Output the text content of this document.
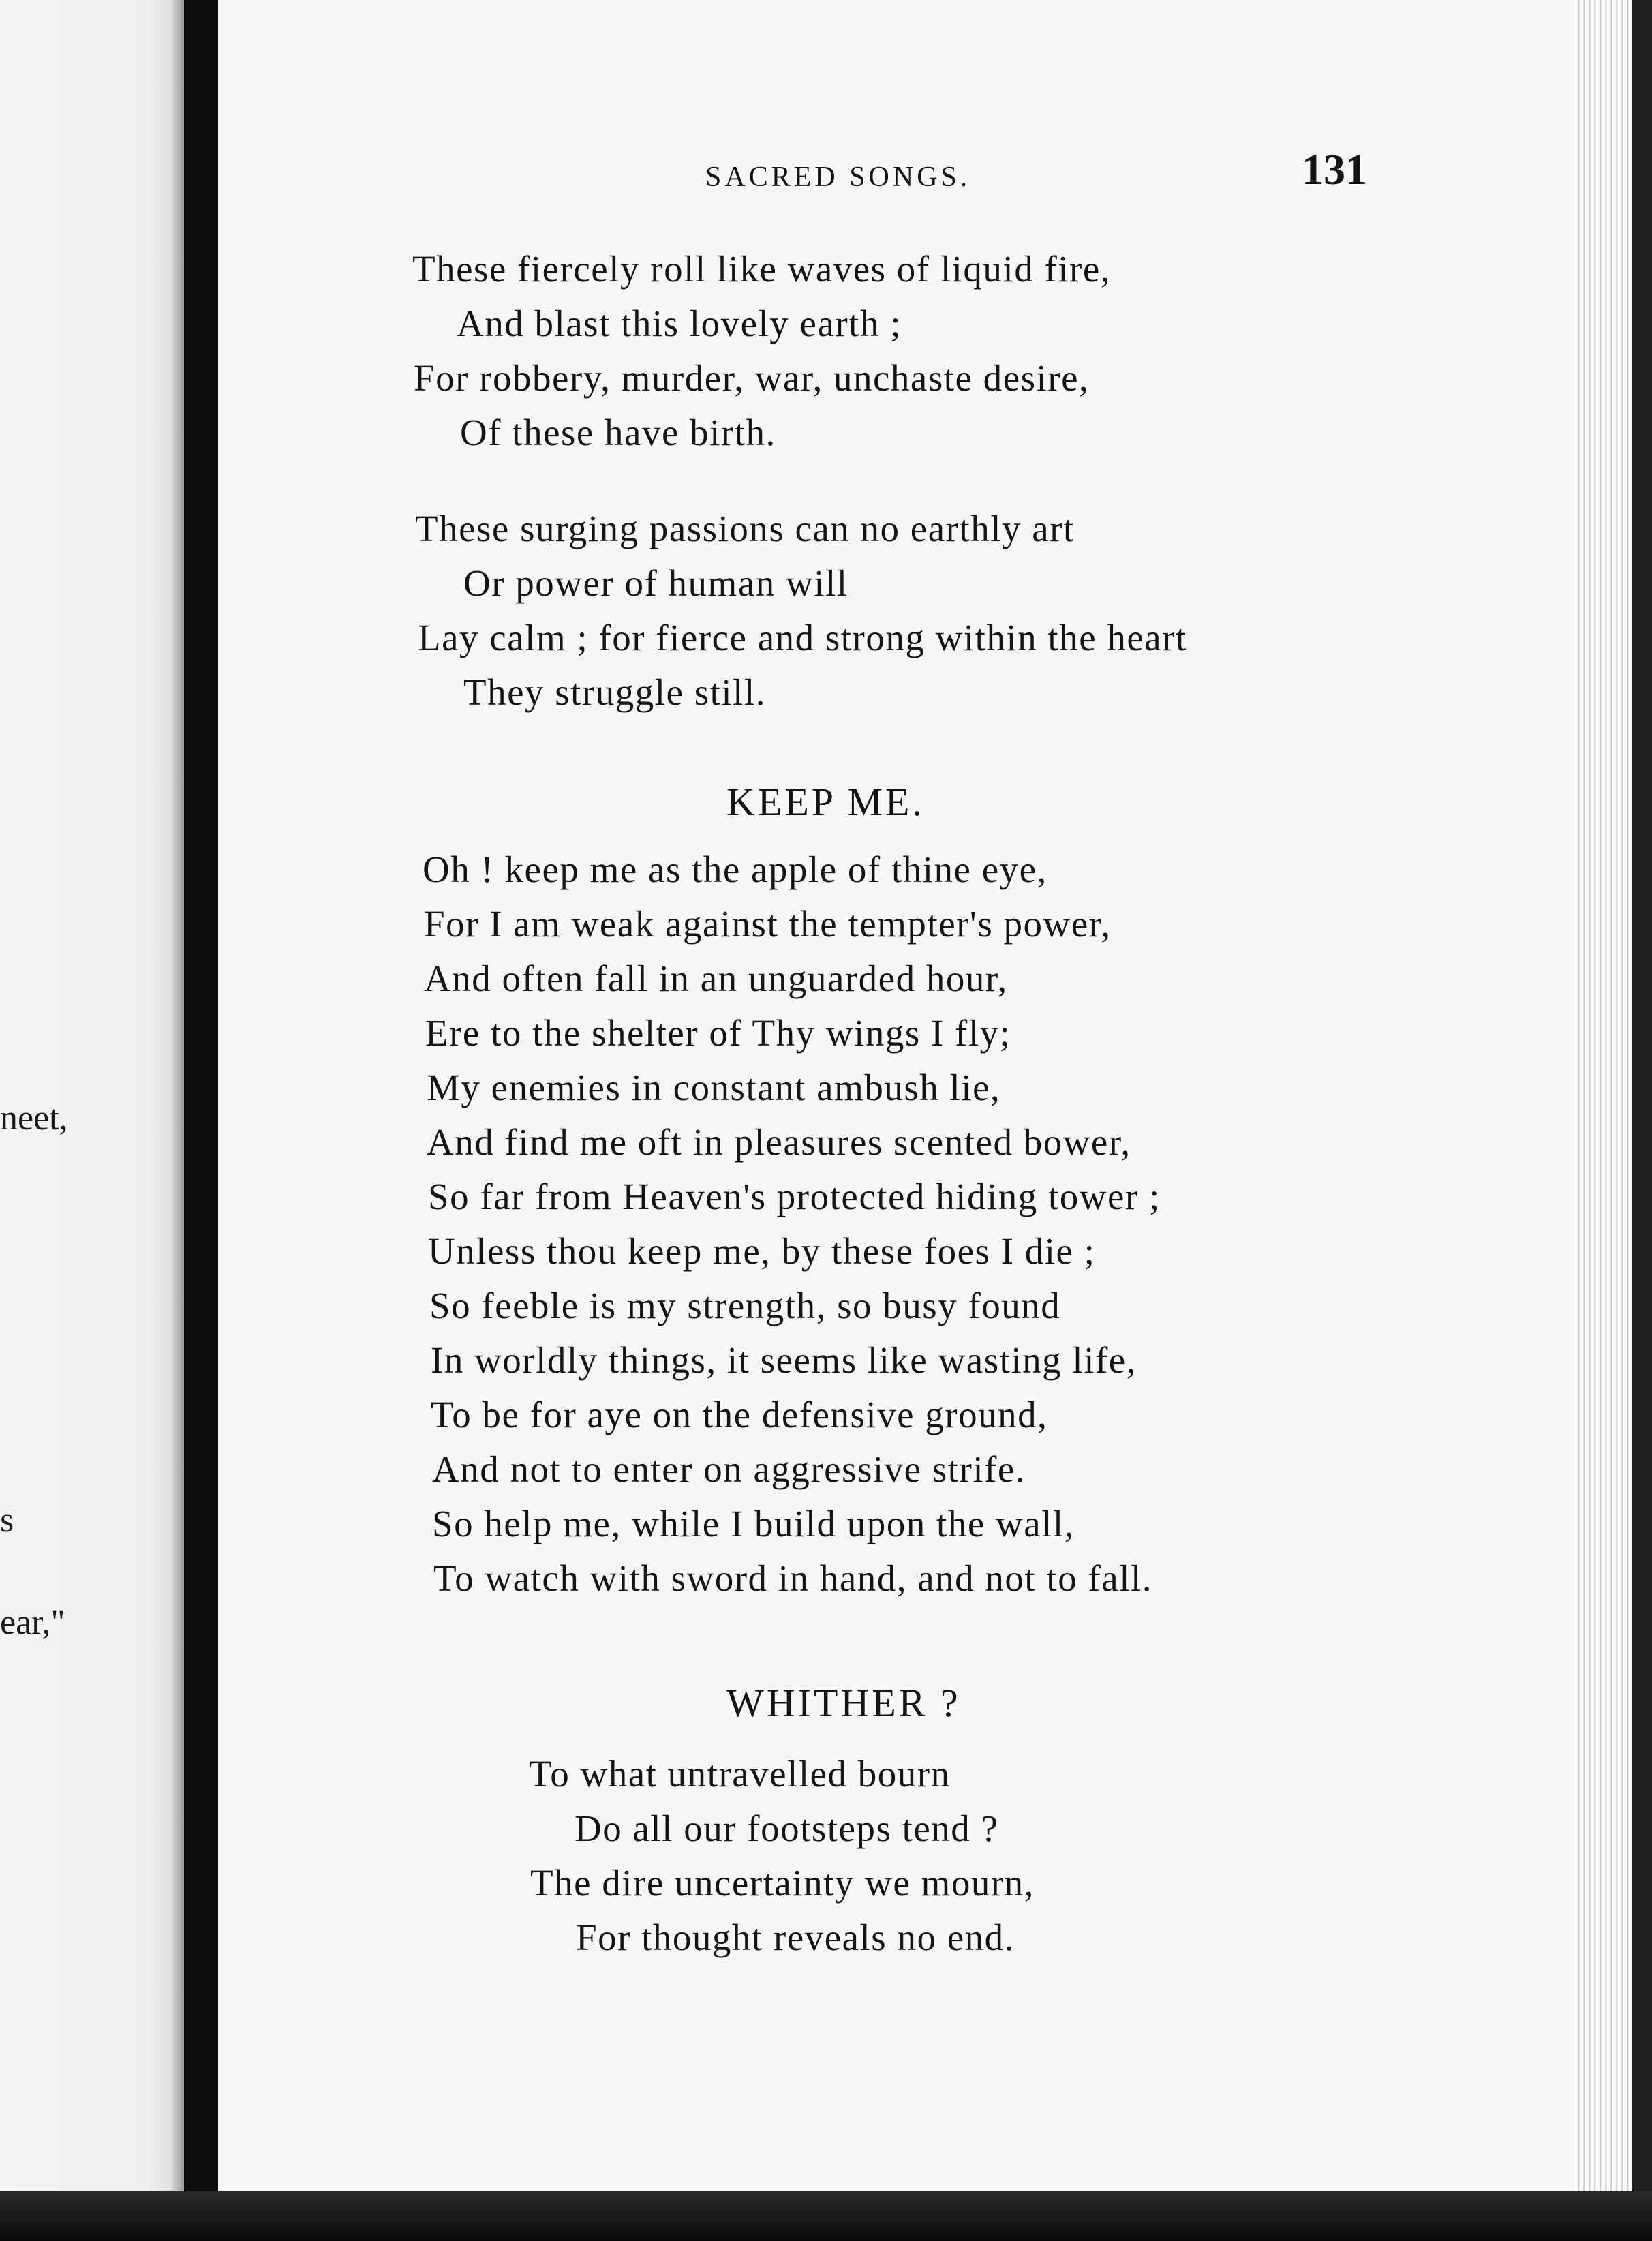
neet,
s
ear,"
SACRED SONGS.	131
These fiercely roll like waves of liquid fire,
And blast this lovely earth ;
For robbery, murder, war, unchaste desire,
Of these have birth.
These surging passions can no earthly art
Or power of human will
Lay calm ; for fierce and strong within the heart
They struggle still.
KEEP ME.
Oh ! keep me as the apple of thine eye,
For I am weak against the tempter's power,
And often fall in an unguarded hour,
Ere to the shelter of Thy wings I fly;
My enemies in constant ambush lie,
And find me oft in pleasures scented bower,
So far from Heaven's protected hiding tower ;
Unless thou keep me, by these foes I die ;
So feeble is my strength, so busy found
In worldly things, it seems like wasting life,
To be for aye on the defensive ground,
And not to enter on aggressive strife.
So help me, while I build upon the wall,
To watch with sword in hand, and not to fall.
WHITHER ?
To what untravelled bourn
Do all our footsteps tend ?
The dire uncertainty we mourn,
For thought reveals no end.
